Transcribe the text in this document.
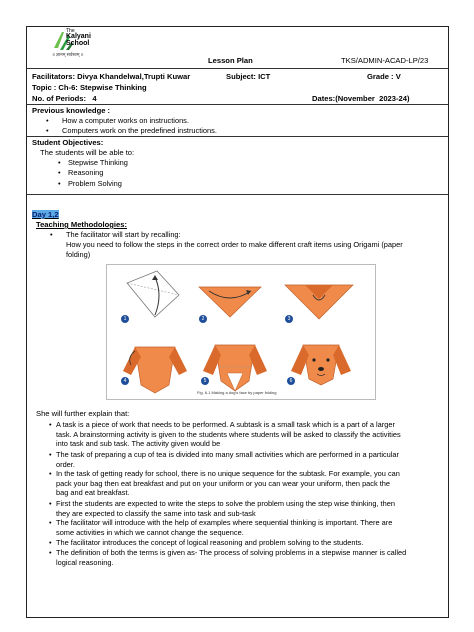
The
Kalyani
School
॥ ज्ञानम् सर्वस्वम् ॥
Lesson Plan	TKS/ADMIN-ACAD-LP/23
Facilitators: Divya Khandelwal,Trupti Kuwar	Subject: ICT	Grade : V
Topic : Ch-6: Stepwise Thinking
No. of Periods:   4	Dates:(November  2023-24)
Previous knowledge :
• How a computer works on instructions.
• Computers work on the predefined instructions.
Student Objectives:
The students will be able to:
• Stepwise Thinking
• Reasoning
• Problem Solving
Day 1,2
Teaching Methodologies:
• The facilitator will start by recalling:
How you need to follow the steps in the correct order to make different craft items using Origami (paper
folding)
1	2	3
4	5	6
Fig. 6.1 Making a dog's face by paper folding
She will further explain that:
• A task is a piece of work that needs to be performed. A subtask is a small task which is a part of a larger
task. A brainstorming activity is given to the students where students will be asked to classify the activities
into task and sub task. The activity given would be
• The task of preparing a cup of tea is divided into many small activities which are performed in a particular
order.
• In the task of getting ready for school, there is no unique sequence for the subtask. For example, you can
pack your bag then eat breakfast and put on your uniform or you can wear your uniform, then pack the
bag and eat breakfast.
• First the students are expected to write the steps to solve the problem using the step wise thinking, then
they are expected to classify the same into task and sub-task
• The facilitator will introduce with the help of examples where sequential thinking is important. There are
some activities in which we cannot change the sequence.
• The facilitator introduces the concept of logical reasoning and problem solving to the students.
• The definition of both the terms is given as- The process of solving problems in a stepwise manner is called
logical reasoning.
